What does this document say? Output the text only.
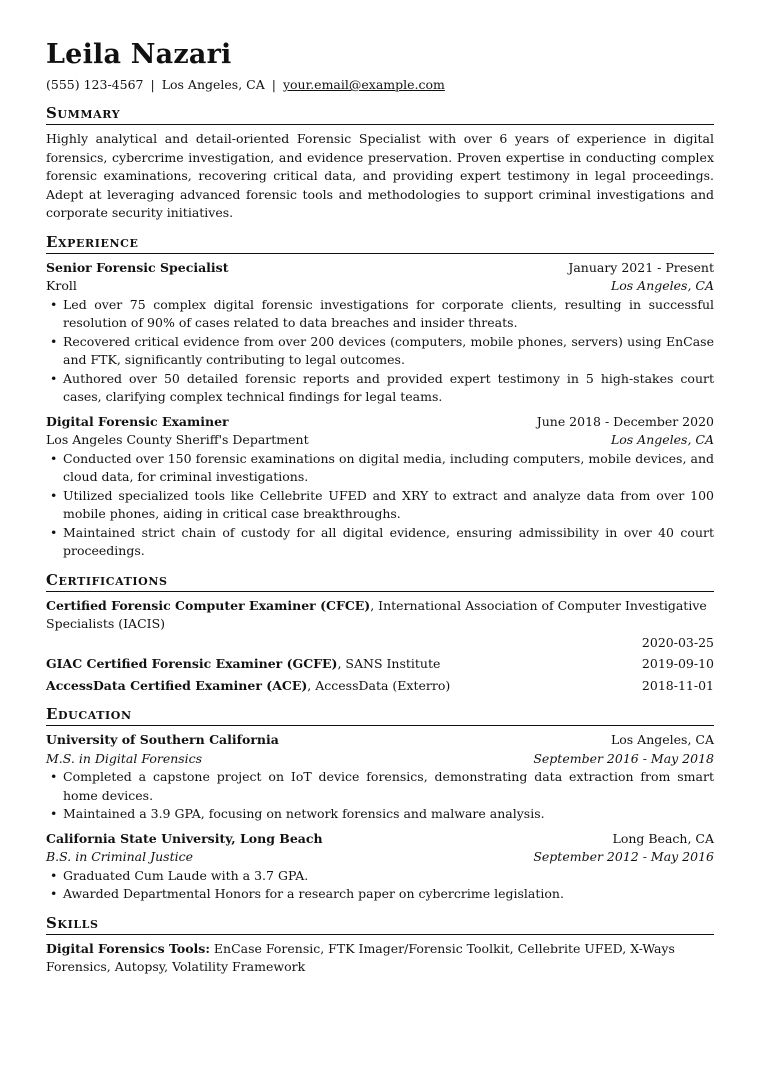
Leila Nazari
(555) 123-4567 | Los Angeles, CA | your.email@example.com
Summary

Highly analytical and detail-oriented Forensic Specialist with over 6 years of experience in digital forensics, cybercrime investigation, and evidence preservation. Proven expertise in conducting complex forensic examinations, recovering critical data, and providing expert testimony in legal proceedings. Adept at leveraging advanced forensic tools and methodologies to support criminal investigations and corporate security initiatives.

Experience
Senior Forensic Specialist	January 2021 - Present
Kroll	Los Angeles, CA
• Led over 75 complex digital forensic investigations for corporate clients, resulting in successful resolution of 90% of cases related to data breaches and insider threats.
• Recovered critical evidence from over 200 devices (computers, mobile phones, servers) using EnCase and FTK, significantly contributing to legal outcomes.
• Authored over 50 detailed forensic reports and provided expert testimony in 5 high-stakes court cases, clarifying complex technical findings for legal teams.
Digital Forensic Examiner	June 2018 - December 2020
Los Angeles County Sheriff's Department	Los Angeles, CA
• Conducted over 150 forensic examinations on digital media, including computers, mobile devices, and cloud data, for criminal investigations.
• Utilized specialized tools like Cellebrite UFED and XRY to extract and analyze data from over 100 mobile phones, aiding in critical case breakthroughs.
• Maintained strict chain of custody for all digital evidence, ensuring admissibility in over 40 court proceedings.
Certifications
Certified Forensic Computer Examiner (CFCE), International Association of Computer Investigative Specialists (IACIS)
2020-03-25
GIAC Certified Forensic Examiner (GCFE), SANS Institute	2019-09-10
AccessData Certified Examiner (ACE), AccessData (Exterro)	2018-11-01
Education
University of Southern California	Los Angeles, CA
M.S. in Digital Forensics	September 2016 - May 2018
• Completed a capstone project on IoT device forensics, demonstrating data extraction from smart home devices.
• Maintained a 3.9 GPA, focusing on network forensics and malware analysis.
California State University, Long Beach	Long Beach, CA
B.S. in Criminal Justice	September 2012 - May 2016
• Graduated Cum Laude with a 3.7 GPA.
• Awarded Departmental Honors for a research paper on cybercrime legislation.
Skills
Digital Forensics Tools: EnCase Forensic, FTK Imager/Forensic Toolkit, Cellebrite UFED, X-Ways Forensics, Autopsy, Volatility Framework
